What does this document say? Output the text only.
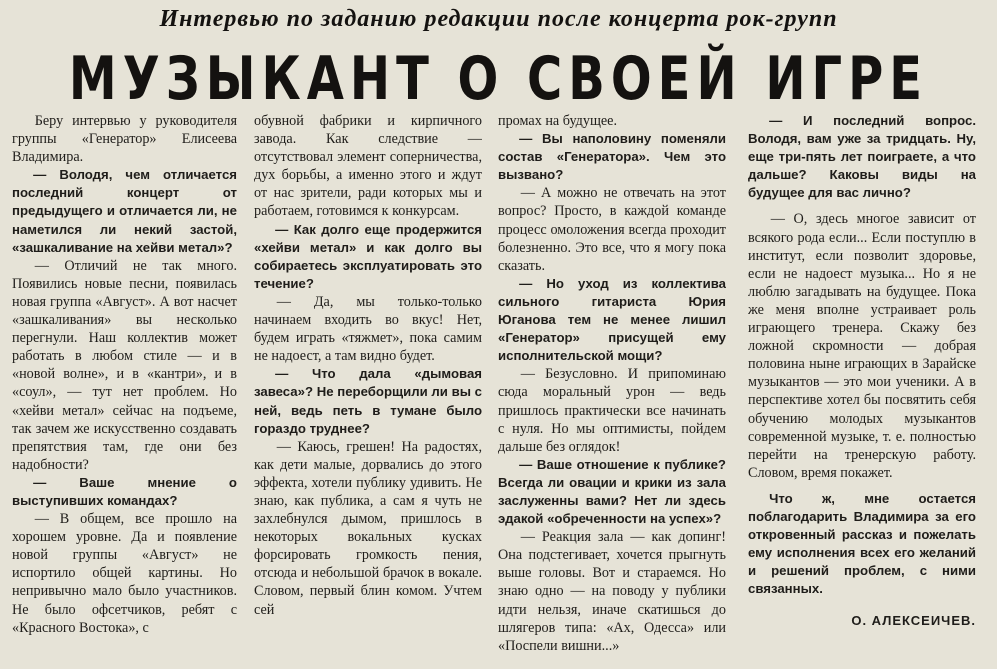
Интервью по заданию редакции после концерта рок-групп
МУЗЫКАНТ О СВОЕЙ ИГРЕ

Беру интервью у руководителя группы «Генератор» Елисеева Владимира.

— Володя, чем отличается последний концерт от предыдущего и отличается ли, не наметился ли некий застой, «зашкаливание на хейви метал»?

— Отличий не так много. Появились новые песни, появилась новая группа «Август». А вот насчет «зашкаливания» вы несколько перегнули. Наш коллектив может работать в любом стиле — и в «новой волне», и в «кантри», и в «соул», — тут нет проблем. Но «хейви метал» сейчас на подъеме, так зачем же искусственно создавать препятствия там, где они без надобности?

— Ваше мнение о выступивших командах?

— В общем, все прошло на хорошем уровне. Да и появление новой группы «Август» не испортило общей картины. Но непривычно мало было участников. Не было офсетчиков, ребят с «Красного Востока», с

обувной фабрики и кирпичного завода. Как следствие — отсутствовал элемент соперничества, дух борьбы, а именно этого и ждут от нас зрители, ради которых мы и работаем, готовимся к конкурсам.

— Как долго еще продержится «хейви метал» и как долго вы собираетесь эксплуатировать это течение?

— Да, мы только-только начинаем входить во вкус! Нет, будем играть «тяжмет», пока самим не надоест, а там видно будет.

— Что дала «дымовая завеса»? Не переборщили ли вы с ней, ведь петь в тумане было гораздо труднее?

— Каюсь, грешен! На радостях, как дети малые, дорвались до этого эффекта, хотели публику удивить. Не знаю, как публика, а сам я чуть не захлебнулся дымом, пришлось в некоторых вокальных кусках форсировать громкость пения, отсюда и небольшой брачок в вокале. Словом, первый блин комом. Учтем сей

промах на будущее.

— Вы наполовину поменяли состав «Генератора». Чем это вызвано?

— А можно не отвечать на этот вопрос? Просто, в каждой команде процесс омоложения всегда проходит болезненно. Это все, что я могу пока сказать.

— Но уход из коллектива сильного гитариста Юрия Юганова тем не менее лишил «Генератор» присущей ему исполнительской мощи?

— Безусловно. И припоминаю сюда моральный урон — ведь пришлось практически все начинать с нуля. Но мы оптимисты, пойдем дальше без оглядок!

— Ваше отношение к публике? Всегда ли овации и крики из зала заслуженны вами? Нет ли здесь эдакой «обреченности на успех»?

— Реакция зала — как допинг! Она подстегивает, хочется прыгнуть выше головы. Вот и стараемся. Но знаю одно — на поводу у публики идти нельзя, иначе скатишься до шлягеров типа: «Ах, Одесса» или «Поспели вишни...»

— И последний вопрос. Володя, вам уже за тридцать. Ну, еще три-пять лет поиграете, а что дальше? Каковы виды на будущее для вас лично?

— О, здесь многое зависит от всякого рода если... Если поступлю в институт, если позволит здоровье, если не надоест музыка... Но я не люблю загадывать на будущее. Пока же меня вполне устраивает роль играющего тренера. Скажу без ложной скромности — добрая половина ныне играющих в Зарайске музыкантов — это мои ученики. А в перспективе хотел бы посвятить себя обучению молодых музыкантов современной музыке, т. е. полностью перейти на тренерскую работу. Словом, время покажет.

Что ж, мне остается поблагодарить Владимира за его откровенный рассказ и пожелать ему исполнения всех его желаний и решений проблем, с ними связанных.

О. АЛЕКСЕИЧЕВ.
